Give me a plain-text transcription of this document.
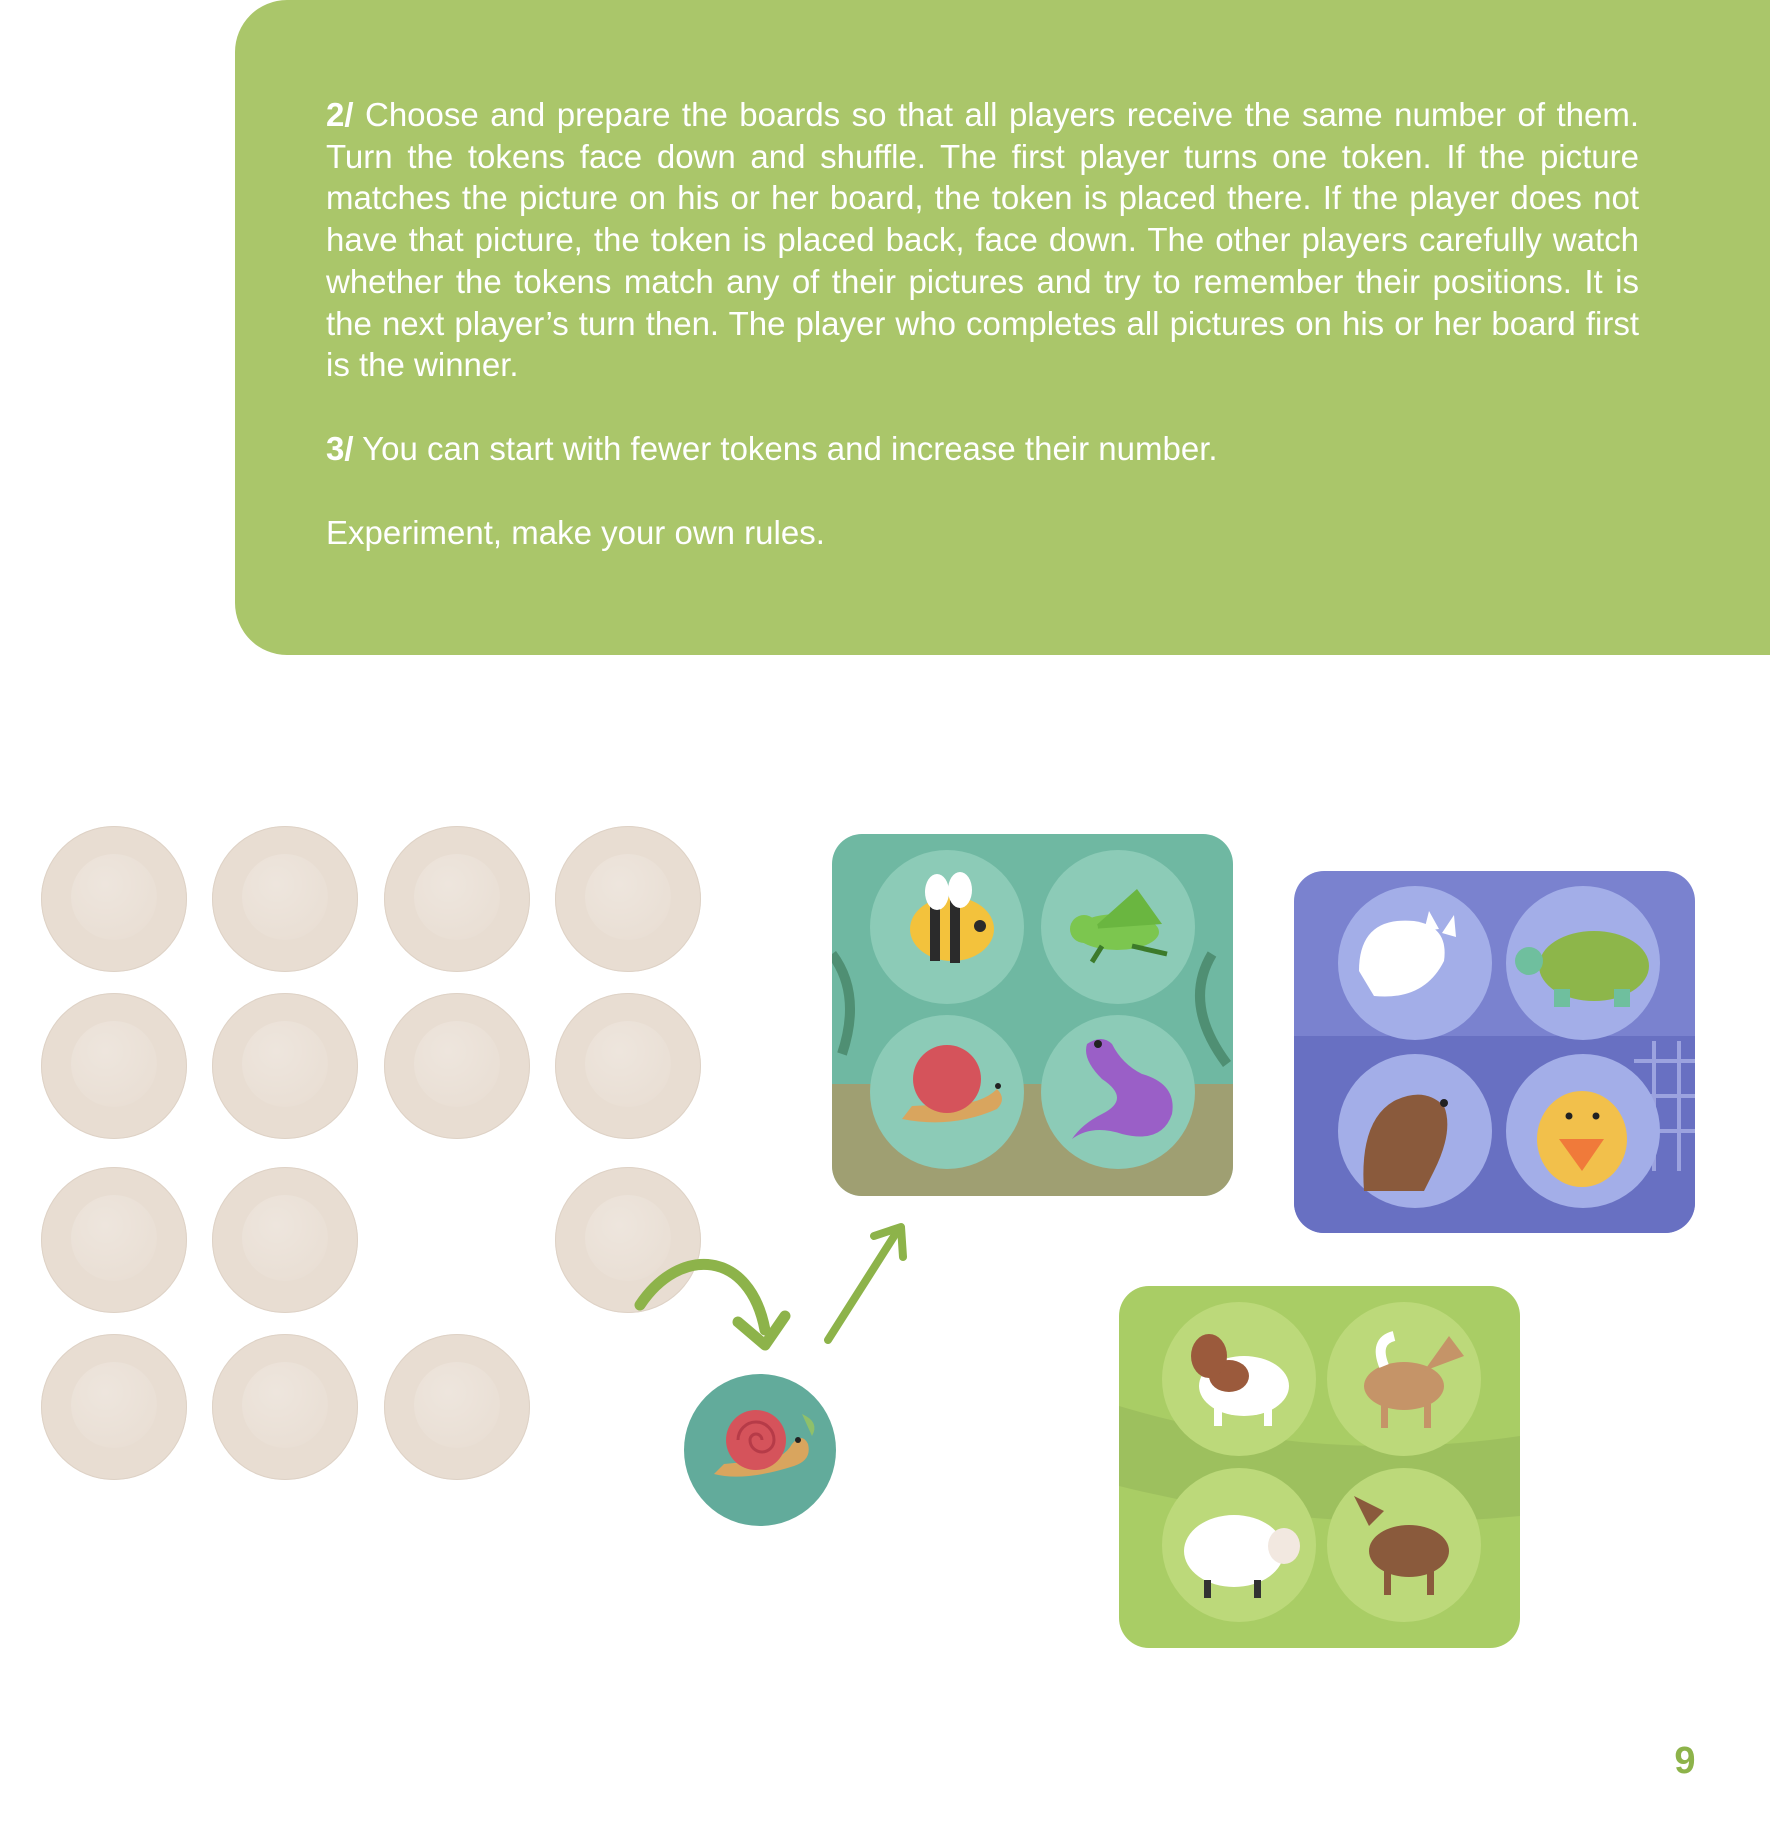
2/ Choose and prepare the boards so that all players receive the same number of them. Turn the tokens face down and shuffle. The first player turns one token. If the picture matches the picture on his or her board, the token is placed there. If the player does not have that picture, the token is placed back, face down. The other players carefully watch whether the tokens match any of their pictures and try to remember their positions. It is the next player’s turn then. The player who completes all pictures on his or her board first is the winner.

3/ You can start with fewer tokens and increase their number.

Experiment, make your own rules.

9
